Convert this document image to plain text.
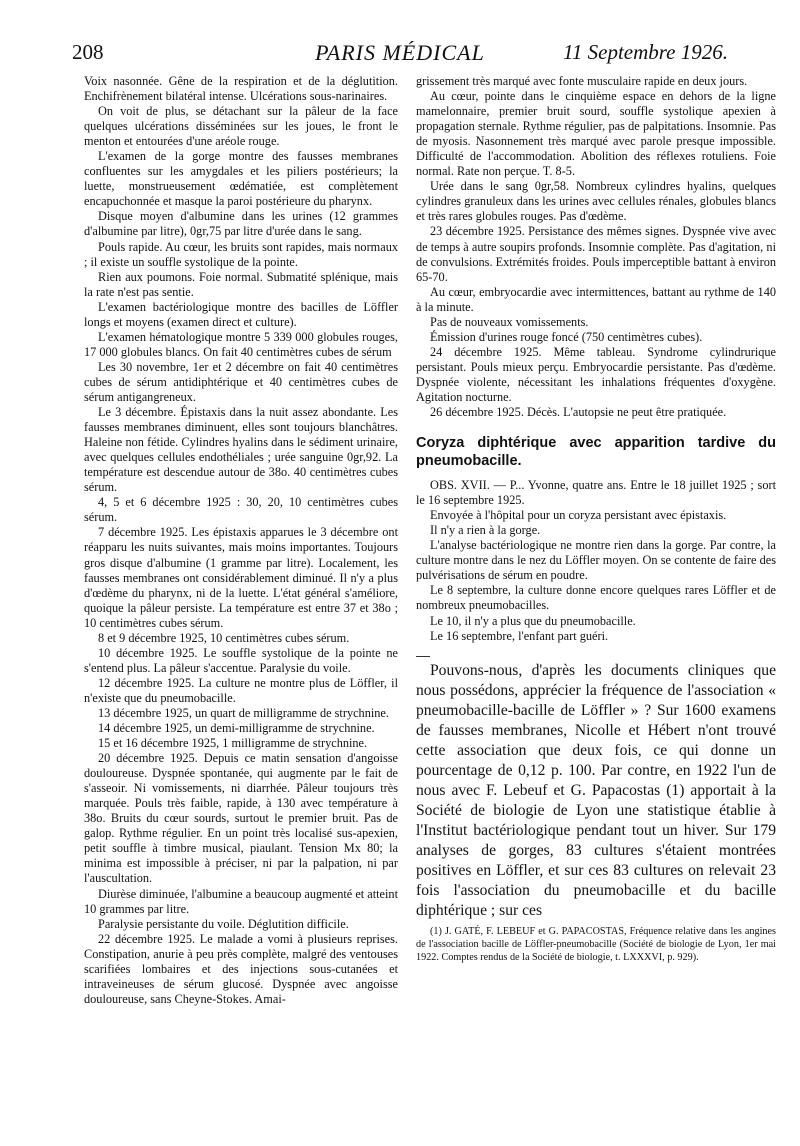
208	PARIS MÉDICAL	11 Septembre 1926.

Voix nasonnée. Gêne de la respiration et de la déglutition. Enchifrènement bilatéral intense. Ulcérations sous-narinaires.

On voit de plus, se détachant sur la pâleur de la face quelques ulcérations disséminées sur les joues, le front le menton et entourées d'une aréole rouge.

L'examen de la gorge montre des fausses membranes confluentes sur les amygdales et les piliers postérieurs; la luette, monstrueusement œdématiée, est complètement encapuchonnée et masque la paroi postérieure du pharynx.

Disque moyen d'albumine dans les urines (12 grammes d'albumine par litre), 0gr,75 par litre d'urée dans le sang.

Pouls rapide. Au cœur, les bruits sont rapides, mais normaux ; il existe un souffle systolique de la pointe.

Rien aux poumons. Foie normal. Submatité splénique, mais la rate n'est pas sentie.

L'examen bactériologique montre des bacilles de Löffler longs et moyens (examen direct et culture).

L'examen hématologique montre 5 339 000 globules rouges, 17 000 globules blancs. On fait 40 centimètres cubes de sérum

Les 30 novembre, 1er et 2 décembre on fait 40 centimètres cubes de sérum antidiphtérique et 40 centimètres cubes de sérum antigangreneux.

Le 3 décembre. Épistaxis dans la nuit assez abondante. Les fausses membranes diminuent, elles sont toujours blanchâtres. Haleine non fétide. Cylindres hyalins dans le sédiment urinaire, avec quelques cellules endothéliales ; urée sanguine 0gr,92. La température est descendue autour de 38o. 40 centimètres cubes sérum.

4, 5 et 6 décembre 1925 : 30, 20, 10 centimètres cubes sérum.

7 décembre 1925. Les épistaxis apparues le 3 décembre ont réapparu les nuits suivantes, mais moins importantes. Toujours gros disque d'albumine (1 gramme par litre). Localement, les fausses membranes ont considérablement diminué. Il n'y a plus d'œdème du pharynx, ni de la luette. L'état général s'améliore, quoique la pâleur persiste. La température est entre 37 et 38o ; 10 centimètres cubes sérum.

8 et 9 décembre 1925, 10 centimètres cubes sérum.

10 décembre 1925. Le souffle systolique de la pointe ne s'entend plus. La pâleur s'accentue. Paralysie du voile.

12 décembre 1925. La culture ne montre plus de Löffler, il n'existe que du pneumobacille.

13 décembre 1925, un quart de milligramme de strychnine.

14 décembre 1925, un demi-milligramme de strychnine.

15 et 16 décembre 1925, 1 milligramme de strychnine.

20 décembre 1925. Depuis ce matin sensation d'angoisse douloureuse. Dyspnée spontanée, qui augmente par le fait de s'asseoir. Ni vomissements, ni diarrhée. Pâleur toujours très marquée. Pouls très faible, rapide, à 130 avec température à 38o. Bruits du cœur sourds, surtout le premier bruit. Pas de galop. Rythme régulier. En un point très localisé sus-apexien, petit souffle à timbre musical, piaulant. Tension Mx 80; la minima est impossible à préciser, ni par la palpation, ni par l'auscultation.

Diurèse diminuée, l'albumine a beaucoup augmenté et atteint 10 grammes par litre.

Paralysie persistante du voile. Déglutition difficile.

22 décembre 1925. Le malade a vomi à plusieurs reprises. Constipation, anurie à peu près complète, malgré des ventouses scarifiées lombaires et des injections sous-cutanées et intraveineuses de sérum glucosé. Dyspnée avec angoisse douloureuse, sans Cheyne-Stokes. Amai-

grissement très marqué avec fonte musculaire rapide en deux jours.

Au cœur, pointe dans le cinquième espace en dehors de la ligne mamelonnaire, premier bruit sourd, souffle systolique apexien à propagation sternale. Rythme régulier, pas de palpitations. Insomnie. Pas de myosis. Nasonnement très marqué avec parole presque impossible. Difficulté de l'accommodation. Abolition des réflexes rotuliens. Foie normal. Rate non perçue. T. 8-5.

Urée dans le sang 0gr,58. Nombreux cylindres hyalins, quelques cylindres granuleux dans les urines avec cellules rénales, globules blancs et très rares globules rouges. Pas d'œdème.

23 décembre 1925. Persistance des mêmes signes. Dyspnée vive avec de temps à autre soupirs profonds. Insomnie complète. Pas d'agitation, ni de convulsions. Extrémités froides. Pouls imperceptible battant à environ 65-70.

Au cœur, embryocardie avec intermittences, battant au rythme de 140 à la minute.

Pas de nouveaux vomissements.

Émission d'urines rouge foncé (750 centimètres cubes).

24 décembre 1925. Même tableau. Syndrome cylindrurique persistant. Pouls mieux perçu. Embryocardie persistante. Pas d'œdème. Dyspnée violente, nécessitant les inhalations fréquentes d'oxygène. Agitation nocturne.

26 décembre 1925. Décès. L'autopsie ne peut être pratiquée.

Coryza diphtérique avec apparition tardive du pneumobacille.

OBS. XVII. — P... Yvonne, quatre ans. Entre le 18 juillet 1925 ; sort le 16 septembre 1925.

Envoyée à l'hôpital pour un coryza persistant avec épistaxis.

Il n'y a rien à la gorge.

L'analyse bactériologique ne montre rien dans la gorge. Par contre, la culture montre dans le nez du Löffler moyen. On se contente de faire des pulvérisations de sérum en poudre.

Le 8 septembre, la culture donne encore quelques rares Löffler et de nombreux pneumobacilles.

Le 10, il n'y a plus que du pneumobacille.

Le 16 septembre, l'enfant part guéri.

Pouvons-nous, d'après les documents cliniques que nous possédons, apprécier la fréquence de l'association « pneumobacille-bacille de Löffler » ? Sur 1600 examens de fausses membranes, Nicolle et Hébert n'ont trouvé cette association que deux fois, ce qui donne un pourcentage de 0,12 p. 100. Par contre, en 1922 l'un de nous avec F. Lebeuf et G. Papacostas (1) apportait à la Société de biologie de Lyon une statistique établie à l'Institut bactériologique pendant tout un hiver. Sur 179 analyses de gorges, 83 cultures s'étaient montrées positives en Löffler, et sur ces 83 cultures on relevait 23 fois l'association du pneumobacille et du bacille diphtérique ; sur ces

(1) J. GATÉ, F. LEBEUF et G. PAPACOSTAS, Fréquence relative dans les angines de l'association bacille de Löffler-pneumobacille (Société de biologie de Lyon, 1er mai 1922. Comptes rendus de la Société de biologie, t. LXXXVI, p. 929).
